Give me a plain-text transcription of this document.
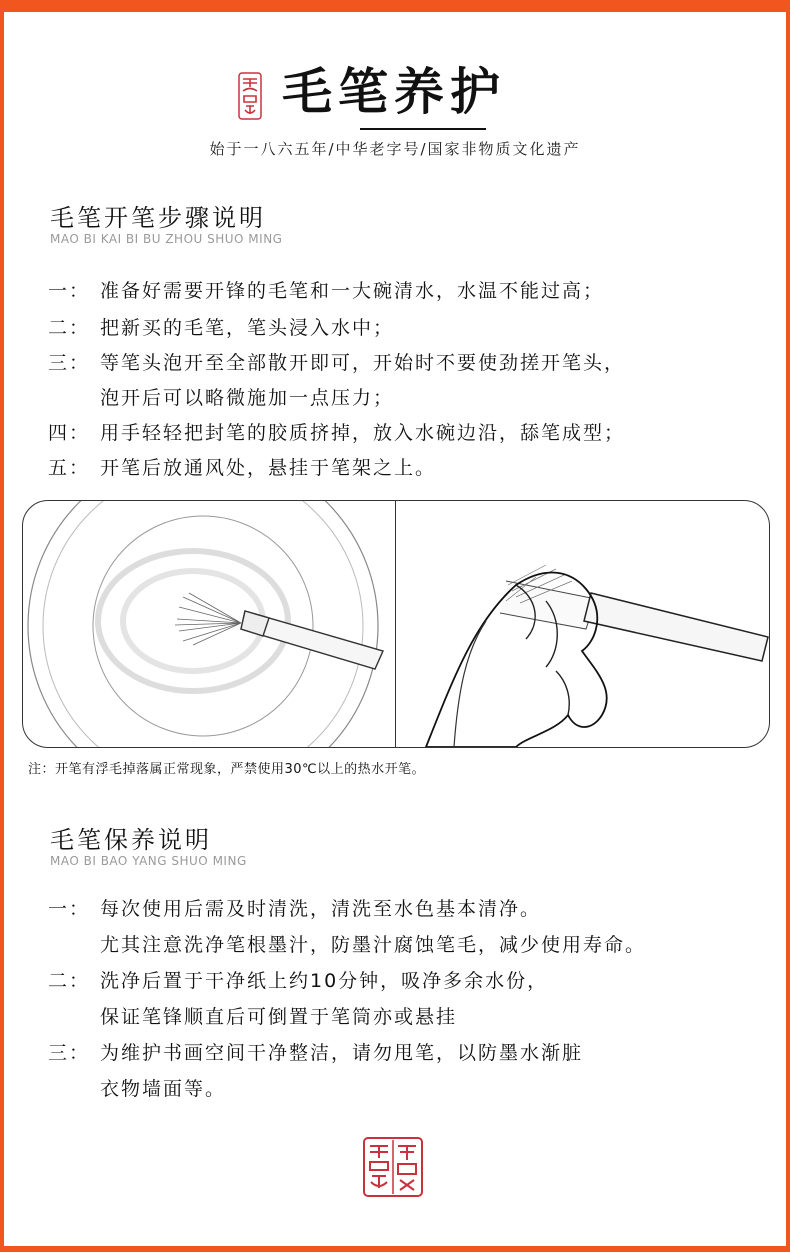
毛笔养护
始于一八六五年/中华老字号/国家非物质文化遗产
毛笔开笔步骤说明
MAO BI KAI BI BU ZHOU SHUO MING
一： 准备好需要开锋的毛笔和一大碗清水，水温不能过高；
二： 把新买的毛笔，笔头浸入水中；
三： 等笔头泡开至全部散开即可，开始时不要使劲搓开笔头，
泡开后可以略微施加一点压力；
四： 用手轻轻把封笔的胶质挤掉，放入水碗边沿，舔笔成型；
五： 开笔后放通风处，悬挂于笔架之上。
注：开笔有浮毛掉落属正常现象，严禁使用30℃以上的热水开笔。
毛笔保养说明
MAO BI BAO YANG SHUO MING
一： 每次使用后需及时清洗，清洗至水色基本清净。
尤其注意洗净笔根墨汁，防墨汁腐蚀笔毛，减少使用寿命。
二： 洗净后置于干净纸上约10分钟，吸净多余水份，
保证笔锋顺直后可倒置于笔筒亦或悬挂
三： 为维护书画空间干净整洁，请勿甩笔，以防墨水渐脏
衣物墙面等。
